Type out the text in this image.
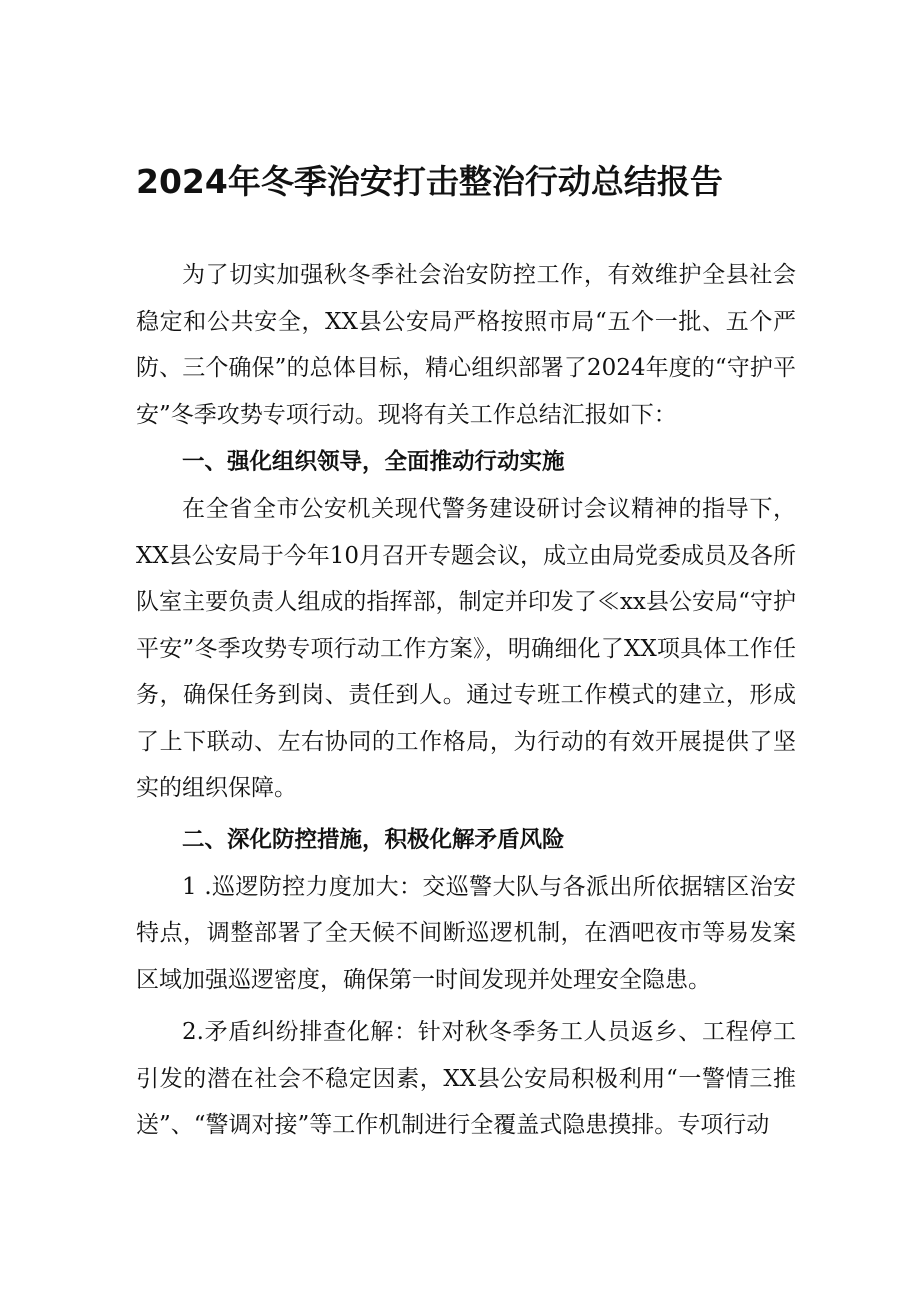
2024年冬季治安打击整治行动总结报告

为了切实加强秋冬季社会治安防控工作，有效维护全县社会稳定和公共安全，XX县公安局严格按照市局“五个一批、五个严防、三个确保”的总体目标，精心组织部署了2024年度的“守护平安”冬季攻势专项行动。现将有关工作总结汇报如下：

一、强化组织领导，全面推动行动实施

在全省全市公安机关现代警务建设研讨会议精神的指导下，XX县公安局于今年10月召开专题会议，成立由局党委成员及各所队室主要负责人组成的指挥部，制定并印发了≪xx县公安局“守护平安”冬季攻势专项行动工作方案》，明确细化了XX项具体工作任务，确保任务到岗、责任到人。通过专班工作模式的建立，形成了上下联动、左右协同的工作格局，为行动的有效开展提供了坚实的组织保障。

二、深化防控措施，积极化解矛盾风险

1 .巡逻防控力度加大：交巡警大队与各派出所依据辖区治安特点，调整部署了全天候不间断巡逻机制，在酒吧夜市等易发案区域加强巡逻密度，确保第一时间发现并处理安全隐患。

2.矛盾纠纷排查化解：针对秋冬季务工人员返乡、工程停工引发的潜在社会不稳定因素，XX县公安局积极利用“一警情三推送”、“警调对接”等工作机制进行全覆盖式隐患摸排。专项行动
